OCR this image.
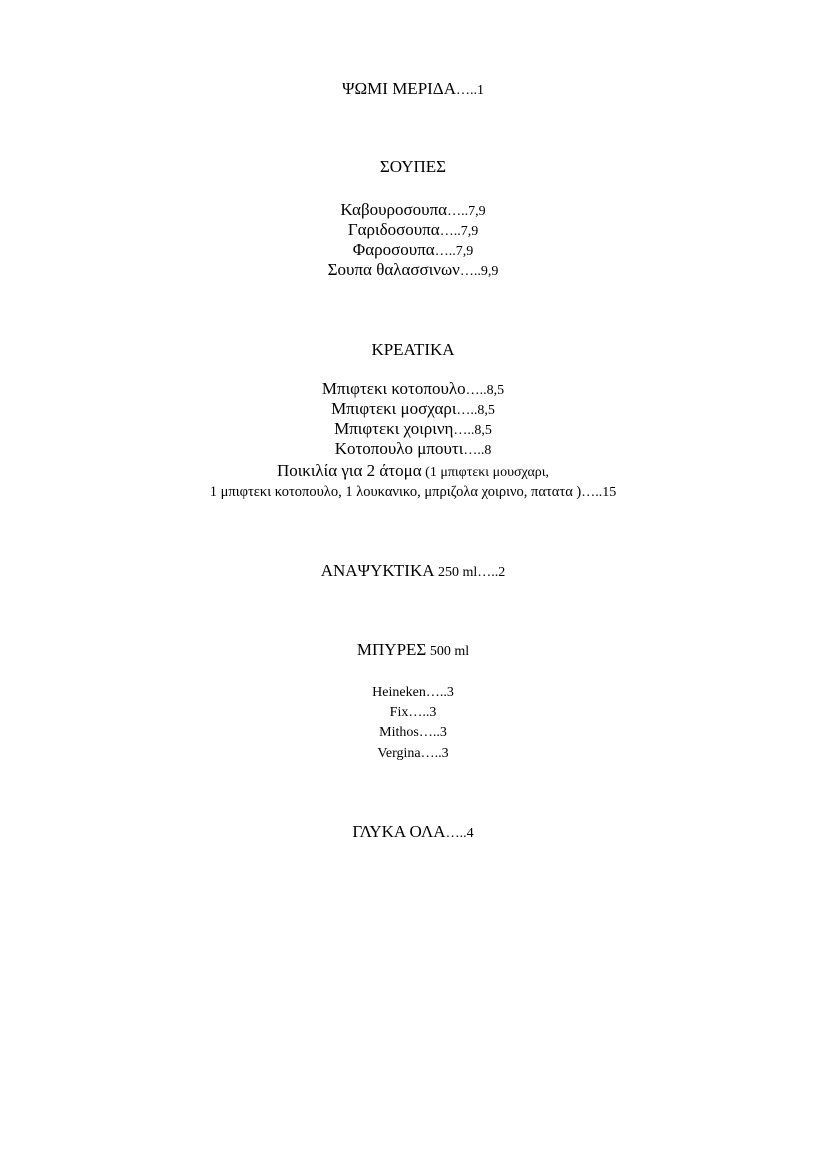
ΨΩΜΙ ΜΕΡΙΔΑ…..1
ΣΟΥΠΕΣ
Καβουροσουπα…..7,9
Γαριδοσουπα…..7,9
Φαροσουπα…..7,9
Σουπα θαλασσινων…..9,9
ΚΡΕΑΤΙΚΑ
Μπιφτεκι κοτοπουλο…..8,5
Μπιφτεκι μοσχαρι…..8,5
Μπιφτεκι χοιρινη…..8,5
Κοτοπουλο μπουτι…..8
Ποικιλία για 2 άτομα (1 μπιφτεκι μουσχαρι,
1 μπιφτεκι κοτοπουλο, 1 λουκανικο, μπριζολα χοιρινο, πατατα )…..15
ΑΝΑΨΥΚΤΙΚΑ 250 ml…..2
ΜΠΥΡΕΣ 500 ml
Heineken…..3
Fix…..3
Mithos…..3
Vergina…..3
ΓΛΥΚΑ ΟΛΑ…..4
